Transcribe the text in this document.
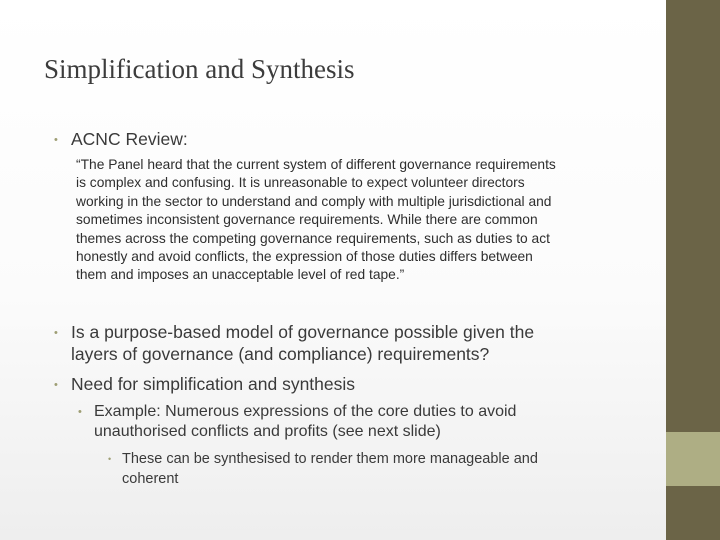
Simplification and Synthesis
• ACNC Review:
“The Panel heard that the current system of different governance requirements
is complex and confusing. It is unreasonable to expect volunteer directors
working in the sector to understand and comply with multiple jurisdictional and
sometimes inconsistent governance requirements. While there are common
themes across the competing governance requirements, such as duties to act
honestly and avoid conflicts, the expression of those duties differs between
them and imposes an unacceptable level of red tape.”
• Is a purpose-based model of governance possible given the
layers of governance (and compliance) requirements?
• Need for simplification and synthesis
• Example: Numerous expressions of the core duties to avoid
unauthorised conflicts and profits (see next slide)
• These can be synthesised to render them more manageable and
coherent
